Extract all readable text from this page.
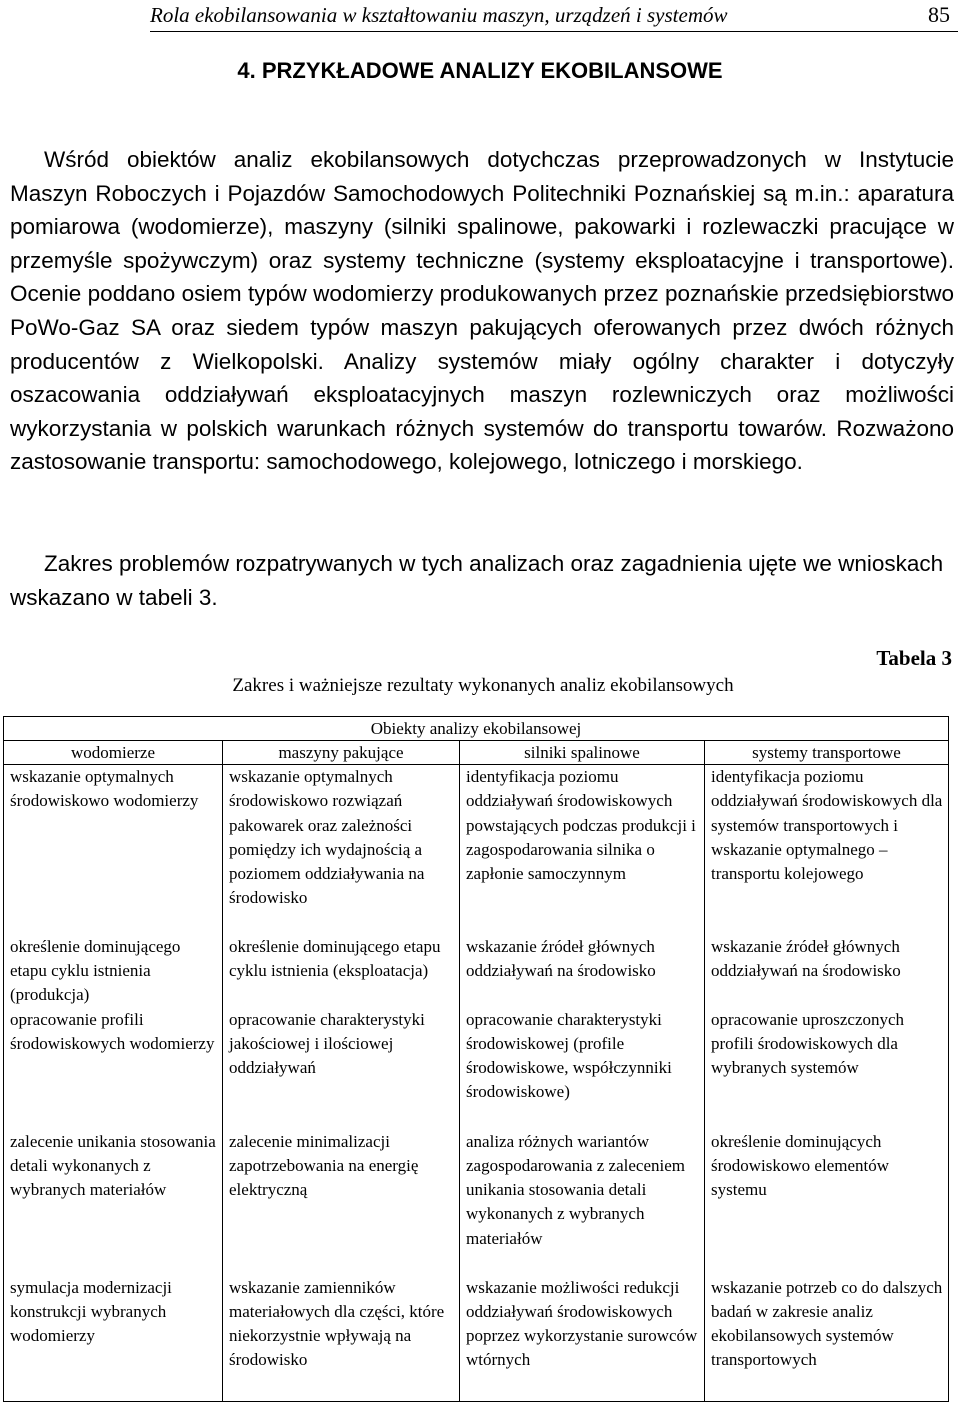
Rola ekobilansowania w kształtowaniu maszyn, urządzeń i systemów	85
4. PRZYKŁADOWE ANALIZY EKOBILANSOWE

Wśród obiektów analiz ekobilansowych dotychczas przeprowadzonych w Instytucie Maszyn Roboczych i Pojazdów Samochodowych Politechniki Poznańskiej są m.in.: aparatura pomiarowa (wodomierze), maszyny (silniki spalinowe, pakowarki i rozlewaczki pracujące w przemyśle spożywczym) oraz systemy techniczne (systemy eksploatacyjne i transportowe). Ocenie poddano osiem typów wodomierzy produkowanych przez poznańskie przedsiębiorstwo PoWo-Gaz SA oraz siedem typów maszyn pakujących oferowanych przez dwóch różnych producentów z Wielkopolski. Analizy systemów miały ogólny charakter i dotyczyły oszacowania oddziaływań eksploatacyjnych maszyn rozlewniczych oraz możliwości wykorzystania w polskich warunkach różnych systemów do transportu towarów. Rozważono zastosowanie transportu: samochodowego, kolejowego, lotniczego i morskiego.

Zakres problemów rozpatrywanych w tych analizach oraz zagadnienia ujęte we wnioskach wskazano w tabeli 3.

Tabela 3
Zakres i ważniejsze rezultaty wykonanych analiz ekobilansowych
Obiekty analizy ekobilansowej			
wodomierze	maszyny pakujące	silniki spalinowe	systemy transportowe
wskazanie optymalnych środowiskowo wodomierzy	wskazanie optymalnych środowiskowo rozwiązań pakowarek oraz zależności pomiędzy ich wydajnością a poziomem oddziaływania na środowisko	identyfikacja poziomu oddziaływań środowiskowych powstających podczas produkcji i zagospodarowania silnika o zapłonie samoczynnym	identyfikacja poziomu oddziaływań środowiskowych dla systemów transportowych i wskazanie optymalnego – transportu kolejowego
określenie dominującego etapu cyklu istnienia (produkcja)	określenie dominującego etapu cyklu istnienia (eksploatacja)	wskazanie źródeł głównych oddziaływań na środowisko	wskazanie źródeł głównych oddziaływań na środowisko
opracowanie profili środowiskowych wodomierzy	opracowanie charakterystyki jakościowej i ilościowej oddziaływań	opracowanie charakterystyki środowiskowej (profile środowiskowe, współczynniki środowiskowe)	opracowanie uproszczonych profili środowiskowych dla wybranych systemów
zalecenie unikania stosowania detali wykonanych z wybranych materiałów	zalecenie minimalizacji zapotrzebowania na energię elektryczną	analiza różnych wariantów zagospodarowania z zaleceniem unikania stosowania detali wykonanych z wybranych materiałów	określenie dominujących środowiskowo elementów systemu
symulacja modernizacji konstrukcji wybranych wodomierzy	wskazanie zamienników materiałowych dla części, które niekorzystnie wpływają na środowisko	wskazanie możliwości redukcji oddziaływań środowiskowych poprzez wykorzystanie surowców wtórnych	wskazanie potrzeb co do dalszych badań w zakresie analiz ekobilansowych systemów transportowych
